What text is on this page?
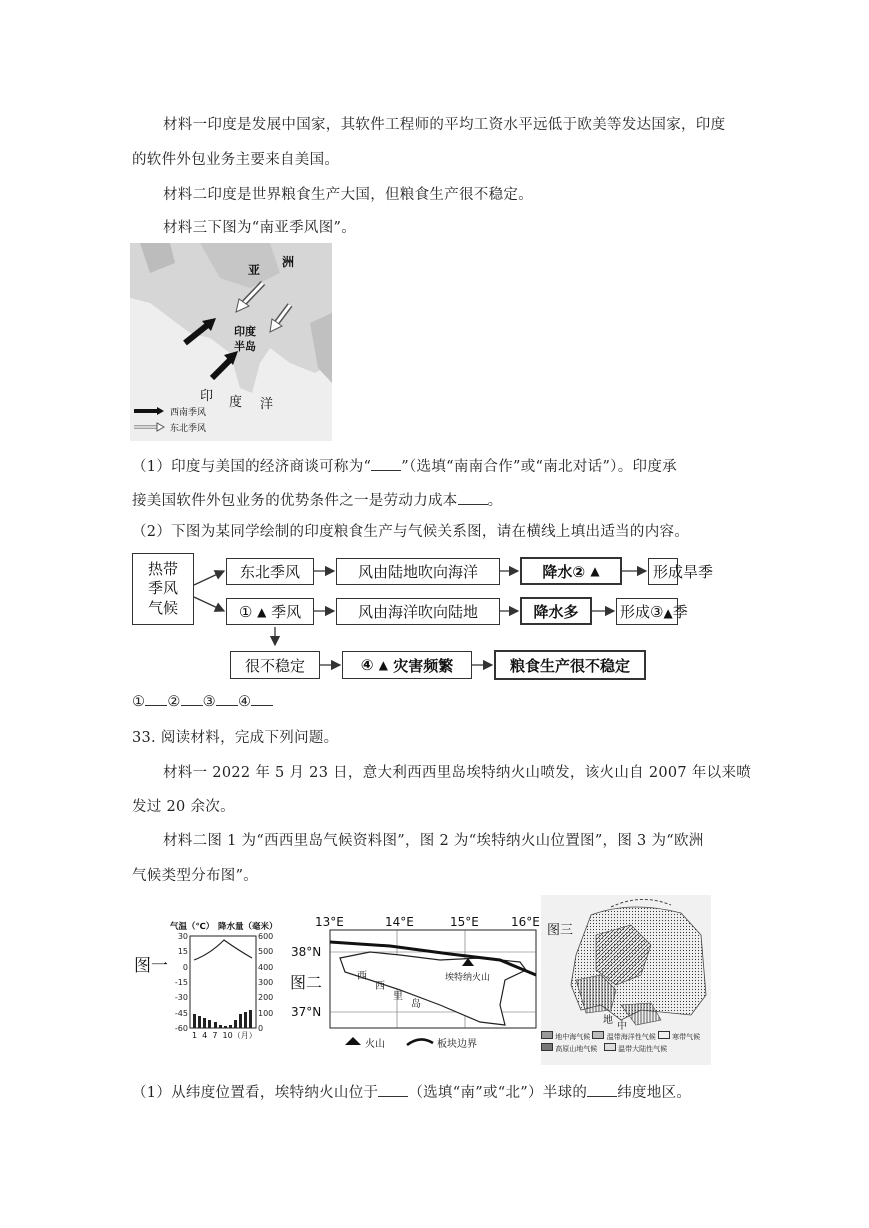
材料一印度是发展中国家，其软件工程师的平均工资水平远低于欧美等发达国家，印度
的软件外包业务主要来自美国。
材料二印度是世界粮食生产大国，但粮食生产很不稳定。
材料三下图为“南亚季风图”。
亚
洲
印度
半岛
印 度 洋
西南季风
东北季风
（1）印度与美国的经济商谈可称为“ ”（选填“南南合作”或“南北对话”）。印度承
接美国软件外包业务的优势条件之一是劳动力成本 。
（2）下图为某同学绘制的印度粮食生产与气候关系图，请在横线上填出适当的内容。
热带
季风
气候
东北季风	风由陆地吹向海洋	降水②
▲	形成旱季
①
▲
季风	风由海洋吹向陆地	降水多	形成③▲季
很不稳定	④
▲
灾害频繁	粮食生产很不稳定
① ② ③ ④
33. 阅读材料，完成下列问题。
材料一 2022 年 5 月 23 日，意大利西西里岛埃特纳火山喷发，该火山自 2007 年以来喷
发过 20 余次。
材料二图 1 为“西西里岛气候资料图”，图 2 为“埃特纳火山位置图”，图 3 为“欧洲
气候类型分布图”。
图一
气温（℃） 降水量（毫米）
30
15
0
-15
-30
-45
-60
600
500
400
300
200
100
0
1  4  7  10（月）
图二
13°E	14°E	15°E	16°E
38°N
37°N
西
西
里
岛
埃特纳火山
火山	板块边界
图三
地
中
地中海气候 温带海洋性气候 寒带气候
高原山地气候	温带大陆性气候
（1）从纬度位置看，埃特纳火山位于 （选填“南”或“北”）半球的 纬度地区。
